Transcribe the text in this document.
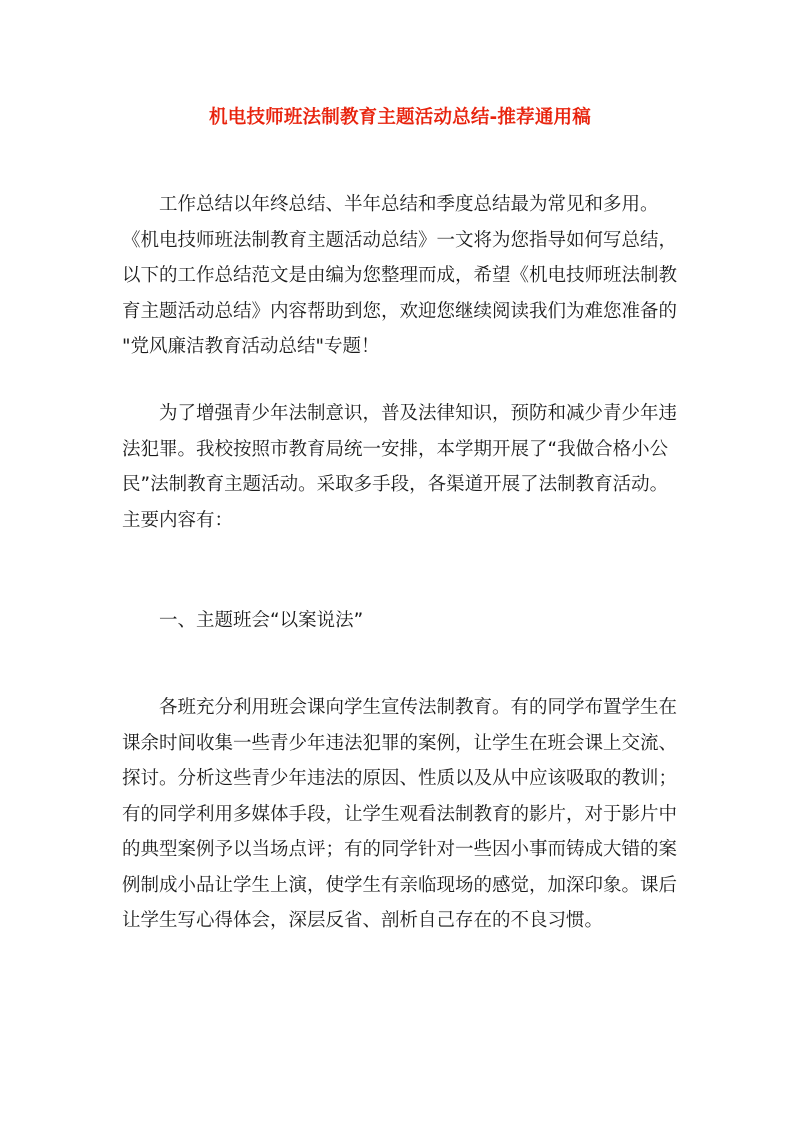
机电技师班法制教育主题活动总结-推荐通用稿

　　工作总结以年终总结、半年总结和季度总结最为常见和多用。

《机电技师班法制教育主题活动总结》一文将为您指导如何写总结，

以下的工作总结范文是由编为您整理而成，希望《机电技师班法制教

育主题活动总结》内容帮助到您，欢迎您继续阅读我们为难您准备的

"党风廉洁教育活动总结"专题！

　　为了增强青少年法制意识，普及法律知识，预防和减少青少年违

法犯罪。我校按照市教育局统一安排，本学期开展了“我做合格小公

民”法制教育主题活动。采取多手段，各渠道开展了法制教育活动。

主要内容有：

　　一、主题班会“以案说法”

　　各班充分利用班会课向学生宣传法制教育。有的同学布置学生在

课余时间收集一些青少年违法犯罪的案例，让学生在班会课上交流、

探讨。分析这些青少年违法的原因、性质以及从中应该吸取的教训；

有的同学利用多媒体手段，让学生观看法制教育的影片，对于影片中

的典型案例予以当场点评；有的同学针对一些因小事而铸成大错的案

例制成小品让学生上演，使学生有亲临现场的感觉，加深印象。课后

让学生写心得体会，深层反省、剖析自己存在的不良习惯。
